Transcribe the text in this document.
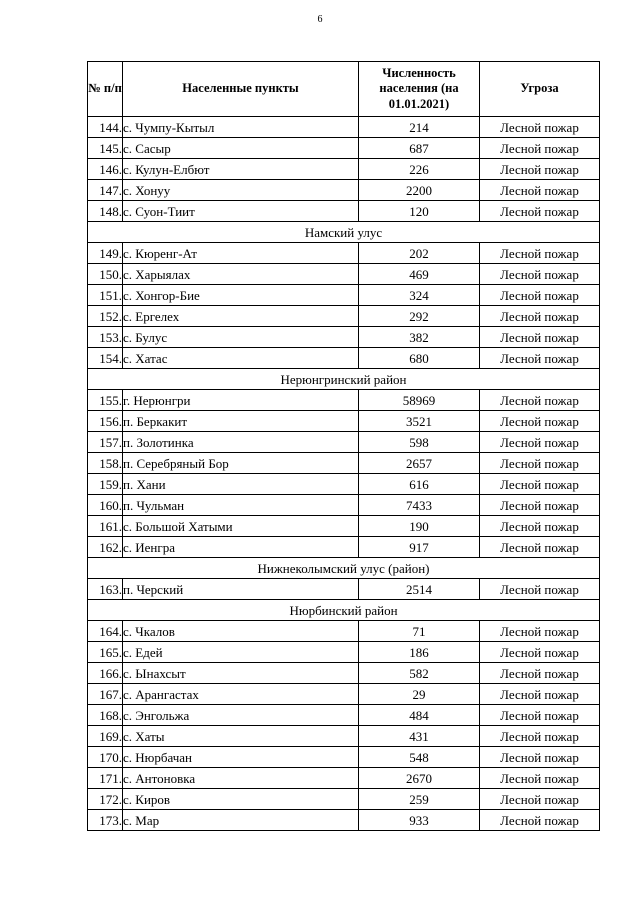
6
№ п/п	Населенные пункты	Численность населения (на 01.01.2021)	Угроза
144.	с. Чумпу-Кытыл	214	Лесной пожар
145.	с. Сасыр	687	Лесной пожар
146.	с. Кулун-Елбют	226	Лесной пожар
147.	с. Хонуу	2200	Лесной пожар
148.	с. Суон-Тиит	120	Лесной пожар
Намский улус			
149.	с. Кюренг-Ат	202	Лесной пожар
150.	с. Харыялах	469	Лесной пожар
151.	с. Хонгор-Бие	324	Лесной пожар
152.	с. Ергелех	292	Лесной пожар
153.	с. Булус	382	Лесной пожар
154.	с. Хатас	680	Лесной пожар
Нерюнгринский район			
155.	г. Нерюнгри	58969	Лесной пожар
156.	п. Беркакит	3521	Лесной пожар
157.	п. Золотинка	598	Лесной пожар
158.	п. Серебряный Бор	2657	Лесной пожар
159.	п. Хани	616	Лесной пожар
160.	п. Чульман	7433	Лесной пожар
161.	с. Большой Хатыми	190	Лесной пожар
162.	с. Иенгра	917	Лесной пожар
Нижнеколымский улус (район)			
163.	п. Черский	2514	Лесной пожар
Нюрбинский район			
164.	с. Чкалов	71	Лесной пожар
165.	с. Едей	186	Лесной пожар
166.	с. Ынахсыт	582	Лесной пожар
167.	с. Арангастах	29	Лесной пожар
168.	с. Энгольжа	484	Лесной пожар
169.	с. Хаты	431	Лесной пожар
170.	с. Нюрбачан	548	Лесной пожар
171.	с. Антоновка	2670	Лесной пожар
172.	с. Киров	259	Лесной пожар
173.	с. Мар	933	Лесной пожар
